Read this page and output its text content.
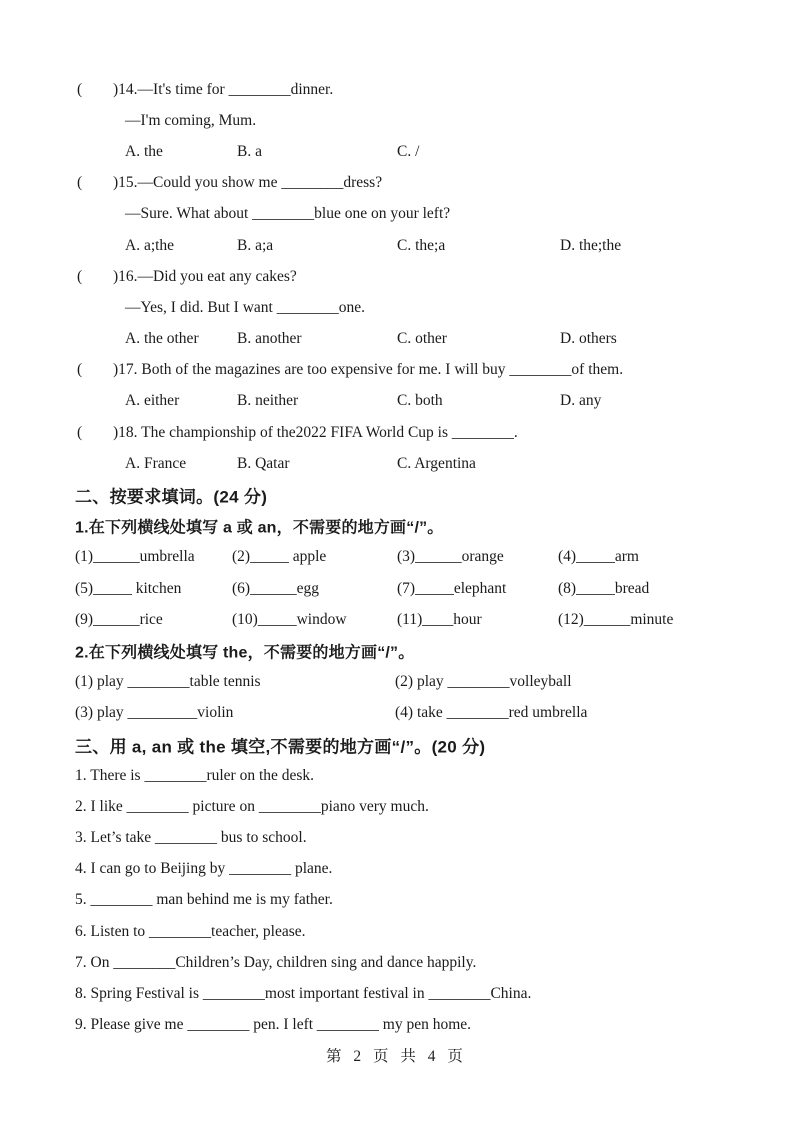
( )14.—It's time for ________dinner.
—I'm coming, Mum.
A. the	B. a	C. /
( )15.—Could you show me ________dress?
—Sure. What about ________blue one on your left?
A. a;the	B. a;a	C. the;a	D. the;the
( )16.—Did you eat any cakes?
—Yes, I did. But I want ________one.
A. the other B. another	C. other	D. others
( )17. Both of the magazines are too expensive for me. I will buy ________of them.
A. either	B. neither	C. both	D. any
( )18. The championship of the2022 FIFA World Cup is ________.
A. France	B. Qatar	C. Argentina
二、按要求填词。(24 分)
1.在下列横线处填写 a 或 an，不需要的地方画“/”。
(1)______umbrella (2)_____ apple	(3)______orange	(4)_____arm
(5)_____ kitchen	(6)______egg	(7)_____elephant	(8)_____bread
(9)______rice	(10)_____window	(11)____hour	(12)______minute
2.在下列横线处填写 the，不需要的地方画“/”。
(1) play ________table tennis	(2) play ________volleyball
(3) play _________violin	(4) take ________red umbrella
三、用 a, an 或 the 填空,不需要的地方画“/”。(20 分)
1. There is ________ruler on the desk.
2. I like ________ picture on ________piano very much.
3. Let’s take ________ bus to school.
4. I can go to Beijing by ________ plane.
5. ________ man behind me is my father.
6. Listen to ________teacher, please.
7. On ________Children’s Day, children sing and dance happily.
8. Spring Festival is ________most important festival in ________China.
9. Please give me ________ pen. I left ________ my pen home.
第 2 页 共 4 页
